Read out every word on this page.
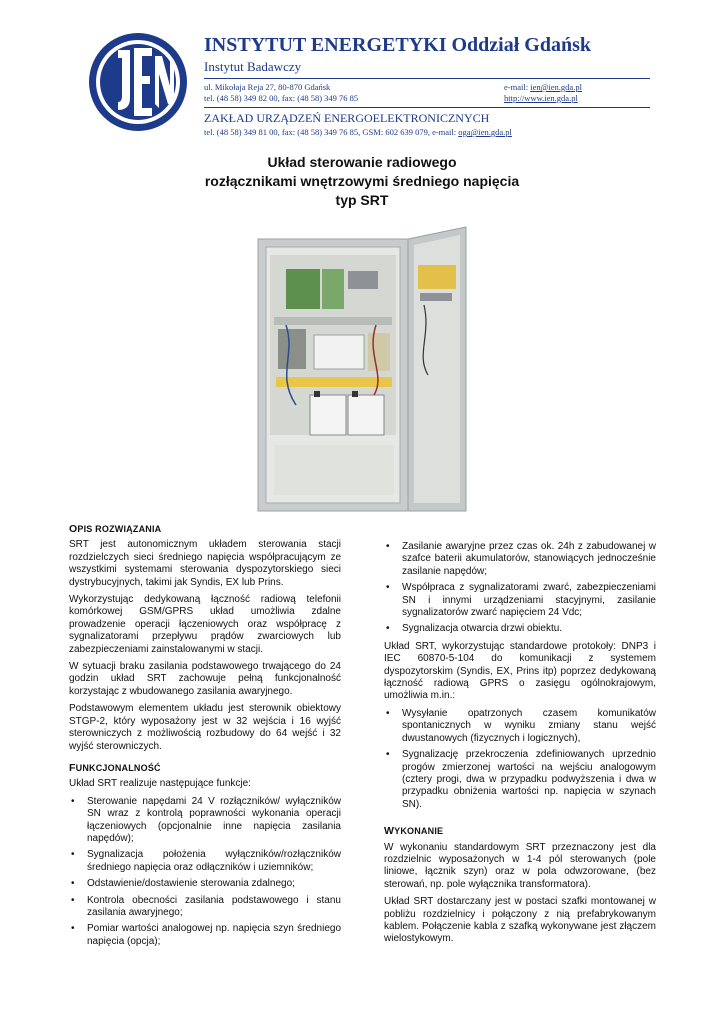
INSTYTUT ENERGETYKI Oddział Gdańsk
Instytut Badawczy
ul. Mikołaja Reja 27, 80-870 Gdańsk
tel. (48 58) 349 82 00, fax: (48 58) 349 76 85
e-mail: ien@ien.gda.pl
http://www.ien.gda.pl
ZAKŁAD URZĄDZEŃ ENERGOELEKTRONICZNYCH
tel. (48 58) 349 81 00, fax: (48 58) 349 76 85, GSM: 602 639 079, e-mail: oga@ien.gda.pl
Układ sterowanie radiowego
rozłącznikami wnętrzowymi średniego napięcia
typ SRT
OPIS ROZWIĄZANIA

SRT jest autonomicznym układem sterowania stacji rozdzielczych sieci średniego napięcia współpracującym ze wszystkimi systemami sterowania dyspozytorskiego sieci dystrybucyjnych, takimi jak Syndis, EX lub Prins.

Wykorzystując dedykowaną łączność radiową telefonii komórkowej GSM/GPRS układ umożliwia zdalne prowadzenie operacji łączeniowych oraz współpracę z sygnalizatorami przepływu prądów zwarciowych lub zabezpieczeniami zainstalowanymi w stacji.

W sytuacji braku zasilania podstawowego trwającego do 24 godzin układ SRT zachowuje pełną funkcjonalność korzystając z wbudowanego zasilania awaryjnego.

Podstawowym elementem układu jest sterownik obiektowy STGP-2, który wyposażony jest w 32 wejścia i 16 wyjść sterowniczych z możliwością rozbudowy do 64 wejść i 32 wyjść sterowniczych.

FUNKCJONALNOŚĆ

Układ SRT realizuje następujące funkcje:

• Sterowanie napędami 24 V rozłączników/ wyłączników SN wraz z kontrolą poprawności wykonania operacji łączeniowych (opcjonalnie inne napięcia zasilania napędów);
• Sygnalizacja położenia wyłączników/rozłączników średniego napięcia oraz odłączników i uziemników;
• Odstawienie/dostawienie sterowania zdalnego;
• Kontrola obecności zasilania podstawowego i stanu zasilania awaryjnego;
• Pomiar wartości analogowej np. napięcia szyn średniego napięcia (opcja);
• Zasilanie awaryjne przez czas ok. 24h z zabudowanej w szafce baterii akumulatorów, stanowiących jednocześnie zasilanie napędów;
• Współpraca z sygnalizatorami zwarć, zabezpieczeniami SN i innymi urządzeniami stacyjnymi, zasilanie sygnalizatorów zwarć napięciem 24 Vdc;
• Sygnalizacja otwarcia drzwi obiektu.

Układ SRT, wykorzystując standardowe protokoły: DNP3 i IEC 60870-5-104 do komunikacji z systemem dyspozytorskim (Syndis, EX, Prins itp) poprzez dedykowaną łączność radiową GPRS o zasięgu ogólnokrajowym, umożliwia m.in.:

• Wysyłanie opatrzonych czasem komunikatów spontanicznych w wyniku zmiany stanu wejść dwustanowych (fizycznych i logicznych),
• Sygnalizację przekroczenia zdefiniowanych uprzednio progów zmierzonej wartości na wejściu analogowym (cztery progi, dwa w przypadku podwyższenia i dwa w przypadku obniżenia wartości np. napięcia w szynach SN).
WYKONANIE

W wykonaniu standardowym SRT przeznaczony jest dla rozdzielnic wyposażonych w 1-4 pól sterowanych (pole liniowe, łącznik szyn) oraz w pola odwzorowane, (bez sterowań, np. pole wyłącznika transformatora).

Układ SRT dostarczany jest w postaci szafki montowanej w pobliżu rozdzielnicy i połączony z nią prefabrykowanym kablem. Połączenie kabla z szafką wykonywane jest złączem wielostykowym.
